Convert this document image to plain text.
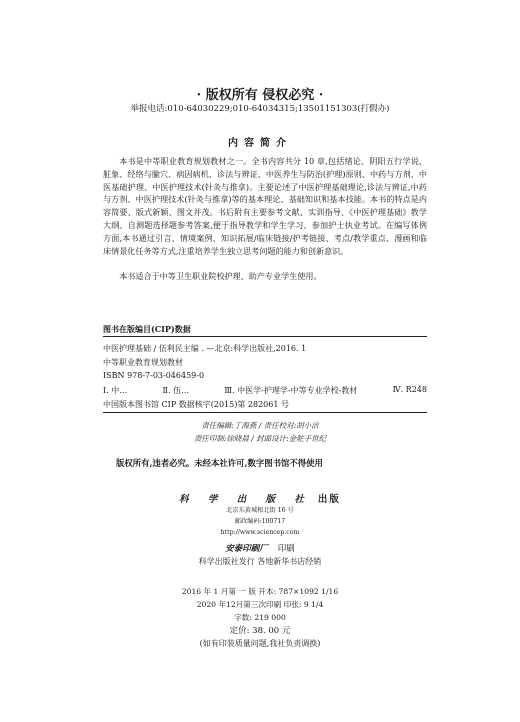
· 版权所有 侵权必究 ·
举报电话:010-64030229;010-64034315;13501151303(打假办)
内容简介

本书是中等职业教育规划教材之一。全书内容共分 10 章,包括绪论、阴阳五行学说、脏象、经络与腧穴、病因病机、诊法与辨证、中医养生与防治(护理)原则、中药与方剂、中医基础护理、中医护理技术(针灸与推拿)。主要论述了中医护理基础理论,诊法与辨证,中药与方剂、中医护理技术(针灸与推拿)等的基本理论、基础知识和基本技能。本书的特点是内容简要、版式新颖、图文并茂。书后附有主要参考文献、实训指导、《中医护理基础》教学大纲、自测题选择题参考答案,便于指导教学和学生学习、参加护士执业考试。在编写体例方面,本书通过引言、情境案例、知识拓展/临床链接/护考链接、考点/教学重点、漫画和临床情景化任务等方式,注重培养学生独立思考问题的能力和创新意识。

本书适合于中等卫生职业院校护理、助产专业学生使用。

图书在版编目(CIP)数据
中医护理基础 / 伍利民主编 . —北京:科学出版社,2016. 1
中等职业教育规划教材
ISBN 978-7-03-046459-0
Ⅰ. 中…	Ⅱ. 伍…	Ⅲ. 中医学-护理学-中等专业学校-教材	Ⅳ. R248
中国版本图书馆 CIP 数据核字(2015)第 282061 号
责任编辑:丁海燕 / 责任校对:胡小洁
责任印制:徐晓晨 / 封面设计:金舵手世纪
版权所有,违者必究。未经本社许可,数字图书馆不得使用
科 学 出 版 社 出版
北京东黄城根北街 16 号
邮政编码:100717
http://www.sciencep.com
安泰印刷厂 印刷
科学出版社发行 各地新华书店经销
2016 年 1 月第 一 版 开本: 787×1092 1/16
2020 年12月第三次印刷 印张: 9 1/4
字数: 219 000
定价: 38. 00 元
(如有印装质量问题,我社负责调换)
